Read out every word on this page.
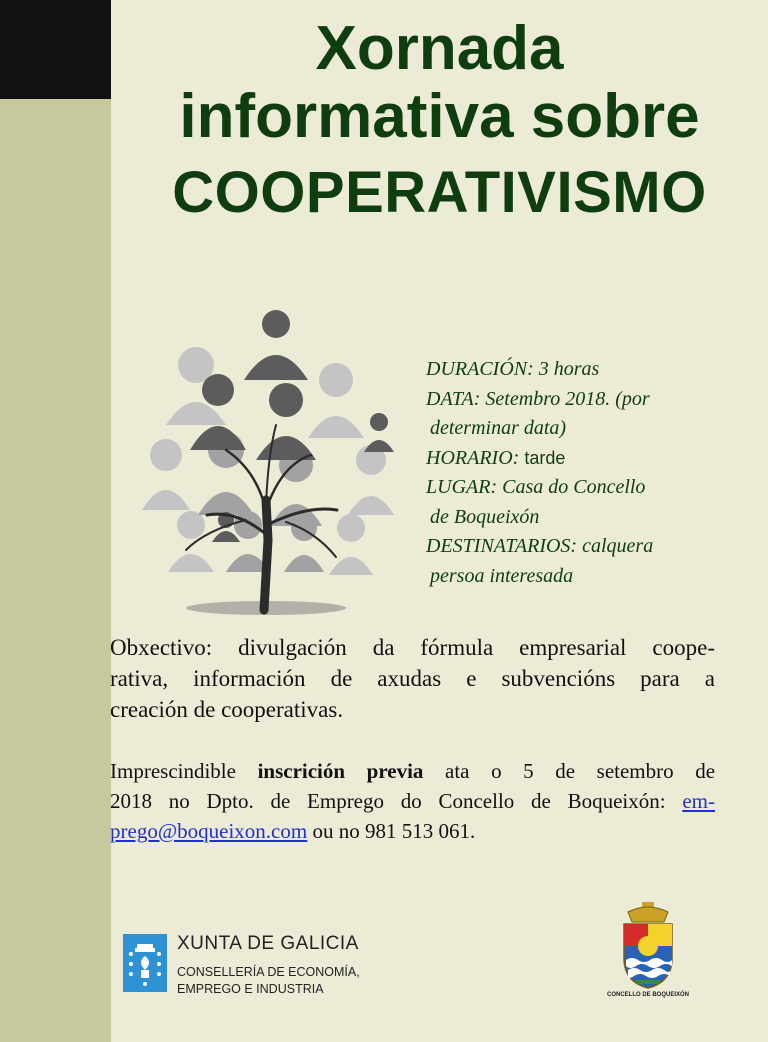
Xornada
informativa sobre
COOPERATIVISMO
DURACIÓN: 3 horas
DATA: Setembro 2018. (por
determinar data)
HORARIO: tarde
LUGAR: Casa do Concello
de Boqueixón
DESTINATARIOS: calquera
persoa interesada
Obxectivo: divulgación da fórmula empresarial coope-
rativa, información de axudas e subvencións para a
creación de cooperativas.
Imprescindible inscrición previa ata o 5 de setembro de
2018 no Dpto. de Emprego do Concello de Boqueixón: em-
prego@boqueixon.com ou no 981 513 061.
XUNTA DE GALICIA
CONSELLERÍA DE ECONOMÍA,
EMPREGO E INDUSTRIA	CONCELLO DE BOQUEIXÓN
